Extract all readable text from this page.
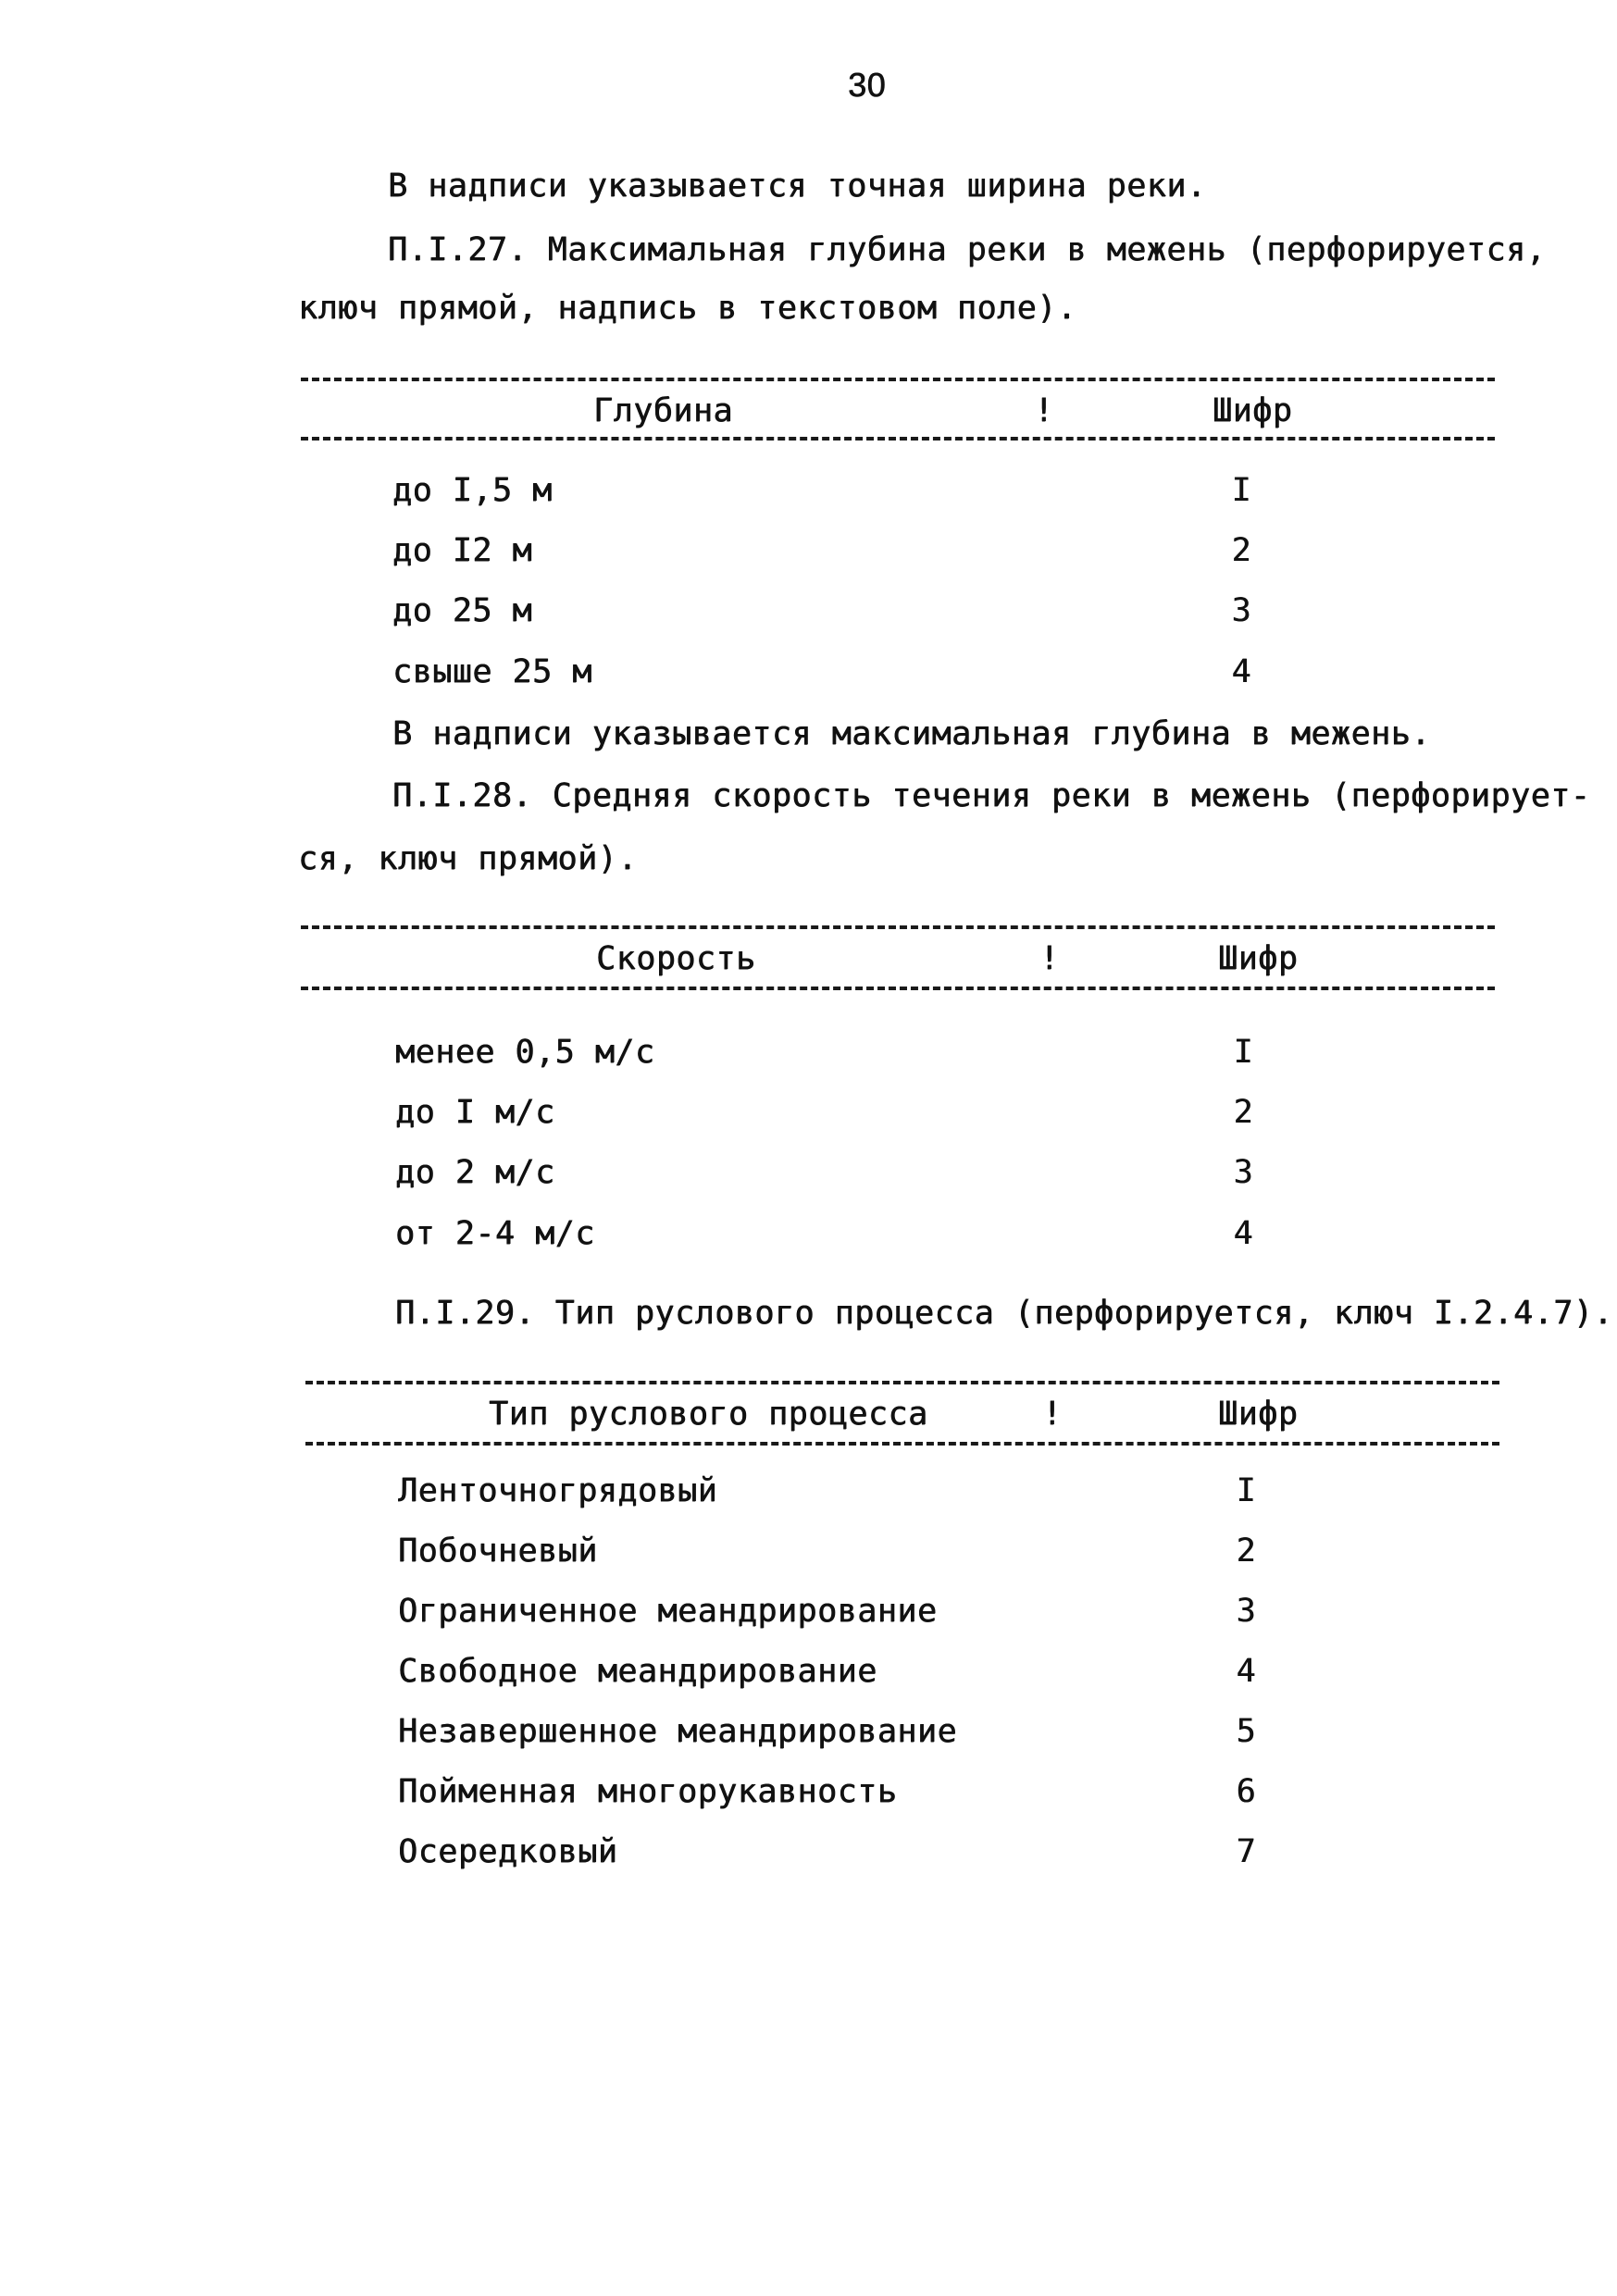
30
В надписи указывается точная ширина реки.
П.I.27. Максимальная глубина реки в межень (перфорируется,
ключ прямой, надпись в текстовом поле).
Глубина	!	Шифр
до I,5 м	I
до I2 м	2
до 25 м	3
свыше 25 м	4
В надписи указывается максимальная глубина в межень.
П.I.28. Средняя скорость течения реки в межень (перфорирует-
ся, ключ прямой).
Скорость	!	Шифр
менее 0,5 м/с	I
до I м/с	2
до 2 м/с	3
от 2-4 м/с	4
П.I.29. Тип руслового процесса (перфорируется, ключ I.2.4.7).
Тип руслового процесса	!	Шифр
Ленточногрядовый	I
Побочневый	2
Ограниченное меандрирование	3
Свободное меандрирование	4
Незавершенное меандрирование	5
Пойменная многорукавность	6
Осередковый	7
